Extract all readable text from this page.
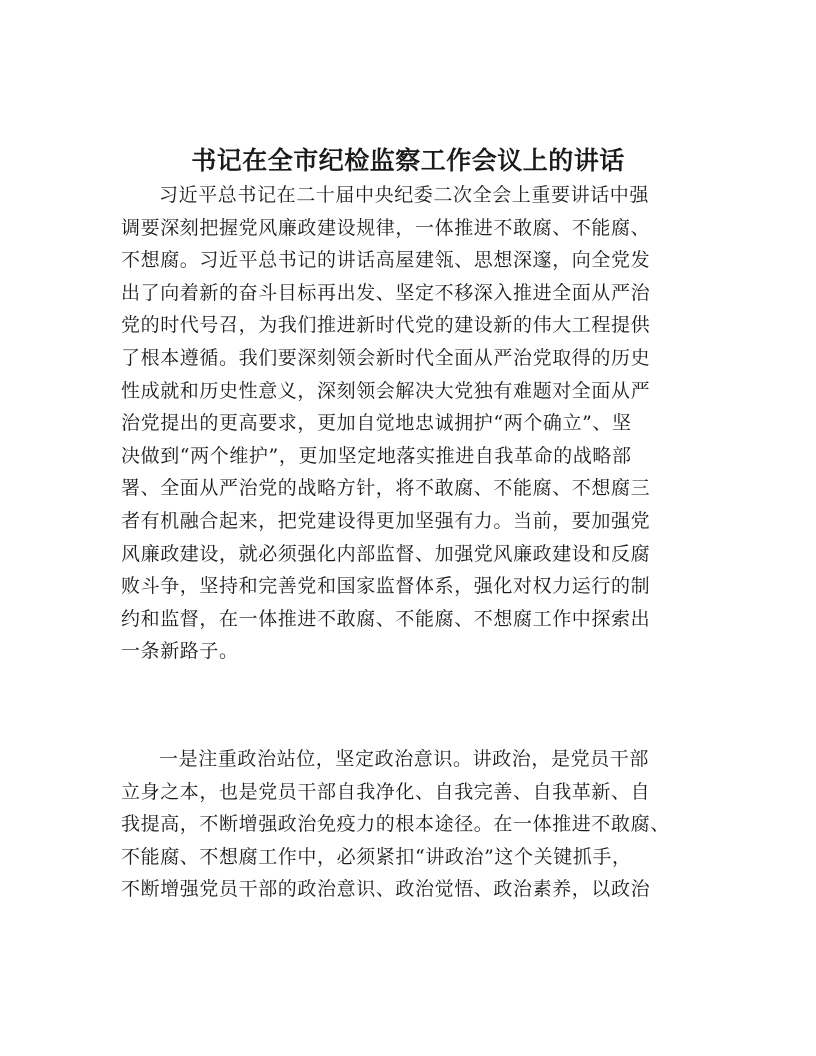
书记在全市纪检监察工作会议上的讲话
习近平总书记在二十届中央纪委二次全会上重要讲话中强
调要深刻把握党风廉政建设规律，一体推进不敢腐、不能腐、
不想腐。习近平总书记的讲话高屋建瓴、思想深邃，向全党发
出了向着新的奋斗目标再出发、坚定不移深入推进全面从严治
党的时代号召，为我们推进新时代党的建设新的伟大工程提供
了根本遵循。我们要深刻领会新时代全面从严治党取得的历史
性成就和历史性意义，深刻领会解决大党独有难题对全面从严
治党提出的更高要求，更加自觉地忠诚拥护“两个确立”、坚
决做到“两个维护”，更加坚定地落实推进自我革命的战略部
署、全面从严治党的战略方针，将不敢腐、不能腐、不想腐三
者有机融合起来，把党建设得更加坚强有力。当前，要加强党
风廉政建设，就必须强化内部监督、加强党风廉政建设和反腐
败斗争，坚持和完善党和国家监督体系，强化对权力运行的制
约和监督，在一体推进不敢腐、不能腐、不想腐工作中探索出
一条新路子。
一是注重政治站位，坚定政治意识。讲政治，是党员干部
立身之本，也是党员干部自我净化、自我完善、自我革新、自
我提高，不断增强政治免疫力的根本途径。在一体推进不敢腐、
不能腐、不想腐工作中，必须紧扣“讲政治”这个关键抓手，
不断增强党员干部的政治意识、政治觉悟、政治素养，以政治
